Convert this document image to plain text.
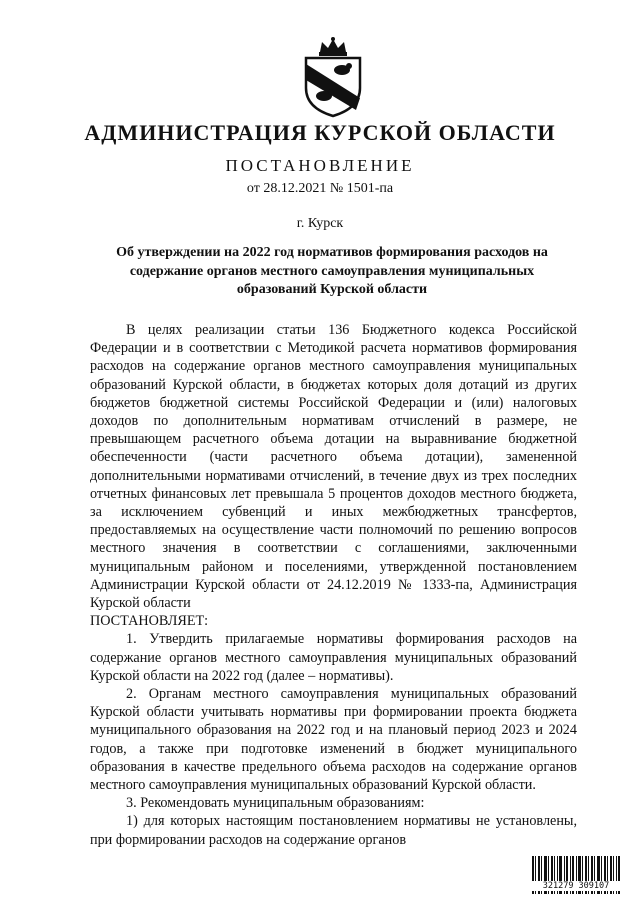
АДМИНИСТРАЦИЯ КУРСКОЙ ОБЛАСТИ
ПОСТАНОВЛЕНИЕ
от 28.12.2021 № 1501-па
г. Курск
Об утверждении на 2022 год нормативов формирования расходов на содержание органов местного самоуправления муниципальных образований Курской области

В целях реализации статьи 136 Бюджетного кодекса Российской Федерации и в соответствии с Методикой расчета нормативов формирования расходов на содержание органов местного самоуправления муниципальных образований Курской области, в бюджетах которых доля дотаций из других бюджетов бюджетной системы Российской Федерации и (или) налоговых доходов по дополнительным нормативам отчислений в размере, не превышающем расчетного объема дотации на выравнивание бюджетной обеспеченности (части расчетного объема дотации), замененной дополнительными нормативами отчислений, в течение двух из трех последних отчетных финансовых лет превышала 5 процентов доходов местного бюджета, за исключением субвенций и иных межбюджетных трансфертов, предоставляемых на осуществление части полномочий по решению вопросов местного значения в соответствии с соглашениями, заключенными муниципальным районом и поселениями, утвержденной постановлением Администрации Курской области от 24.12.2019 № 1333-па, Администрация Курской области

ПОСТАНОВЛЯЕТ:

1. Утвердить прилагаемые нормативы формирования расходов на содержание органов местного самоуправления муниципальных образований Курской области на 2022 год (далее – нормативы).

2. Органам местного самоуправления муниципальных образований Курской области учитывать нормативы при формировании проекта бюджета муниципального образования на 2022 год и на плановый период 2023 и 2024 годов, а также при подготовке изменений в бюджет муниципального образования в качестве предельного объема расходов на содержание органов местного самоуправления муниципальных образований Курской области.

3. Рекомендовать муниципальным образованиям:

1) для которых настоящим постановлением нормативы не установлены, при формировании расходов на содержание органов

321279 309107
